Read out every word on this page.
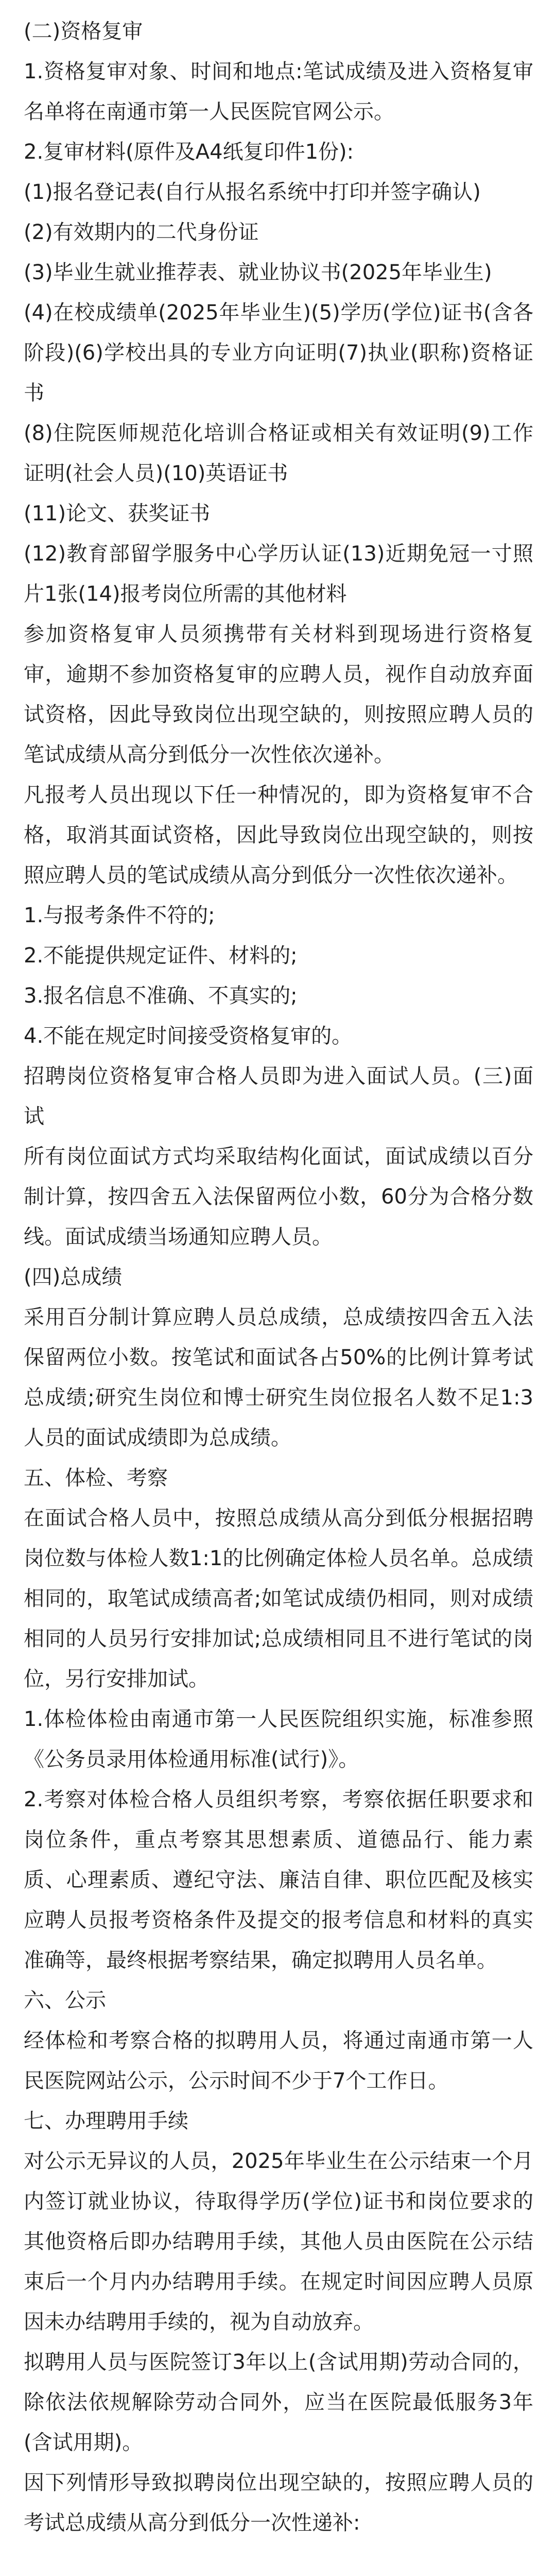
(二)资格复审

1.资格复审对象、时间和地点:笔试成绩及进入资格复审名单将在南通市第一人民医院官网公示。

2.复审材料(原件及A4纸复印件1份):

(1)报名登记表(自行从报名系统中打印并签字确认)

(2)有效期内的二代身份证

(3)毕业生就业推荐表、就业协议书(2025年毕业生)

(4)在校成绩单(2025年毕业生)(5)学历(学位)证书(含各阶段)(6)学校出具的专业方向证明(7)执业(职称)资格证书

(8)住院医师规范化培训合格证或相关有效证明(9)工作证明(社会人员)(10)英语证书

(11)论文、获奖证书

(12)教育部留学服务中心学历认证(13)近期免冠一寸照片1张(14)报考岗位所需的其他材料

参加资格复审人员须携带有关材料到现场进行资格复审，逾期不参加资格复审的应聘人员，视作自动放弃面试资格，因此导致岗位出现空缺的，则按照应聘人员的笔试成绩从高分到低分一次性依次递补。

凡报考人员出现以下任一种情况的，即为资格复审不合格，取消其面试资格，因此导致岗位出现空缺的，则按照应聘人员的笔试成绩从高分到低分一次性依次递补。

1.与报考条件不符的;

2.不能提供规定证件、材料的;

3.报名信息不准确、不真实的;

4.不能在规定时间接受资格复审的。

招聘岗位资格复审合格人员即为进入面试人员。(三)面试

所有岗位面试方式均采取结构化面试，面试成绩以百分制计算，按四舍五入法保留两位小数，60分为合格分数线。面试成绩当场通知应聘人员。

(四)总成绩

采用百分制计算应聘人员总成绩，总成绩按四舍五入法保留两位小数。按笔试和面试各占50%的比例计算考试总成绩;研究生岗位和博士研究生岗位报名人数不足1:3人员的面试成绩即为总成绩。

五、体检、考察

在面试合格人员中，按照总成绩从高分到低分根据招聘岗位数与体检人数1:1的比例确定体检人员名单。总成绩相同的，取笔试成绩高者;如笔试成绩仍相同，则对成绩相同的人员另行安排加试;总成绩相同且不进行笔试的岗位，另行安排加试。

1.体检体检由南通市第一人民医院组织实施，标准参照《公务员录用体检通用标准(试行)》。

2.考察对体检合格人员组织考察，考察依据任职要求和岗位条件，重点考察其思想素质、道德品行、能力素质、心理素质、遵纪守法、廉洁自律、职位匹配及核实应聘人员报考资格条件及提交的报考信息和材料的真实准确等，最终根据考察结果，确定拟聘用人员名单。

六、公示

经体检和考察合格的拟聘用人员，将通过南通市第一人民医院网站公示，公示时间不少于7个工作日。

七、办理聘用手续

对公示无异议的人员，2025年毕业生在公示结束一个月内签订就业协议，待取得学历(学位)证书和岗位要求的其他资格后即办结聘用手续，其他人员由医院在公示结束后一个月内办结聘用手续。在规定时间因应聘人员原因未办结聘用手续的，视为自动放弃。

拟聘用人员与医院签订3年以上(含试用期)劳动合同的，除依法依规解除劳动合同外，应当在医院最低服务3年(含试用期)。

因下列情形导致拟聘岗位出现空缺的，按照应聘人员的考试总成绩从高分到低分一次性递补:
